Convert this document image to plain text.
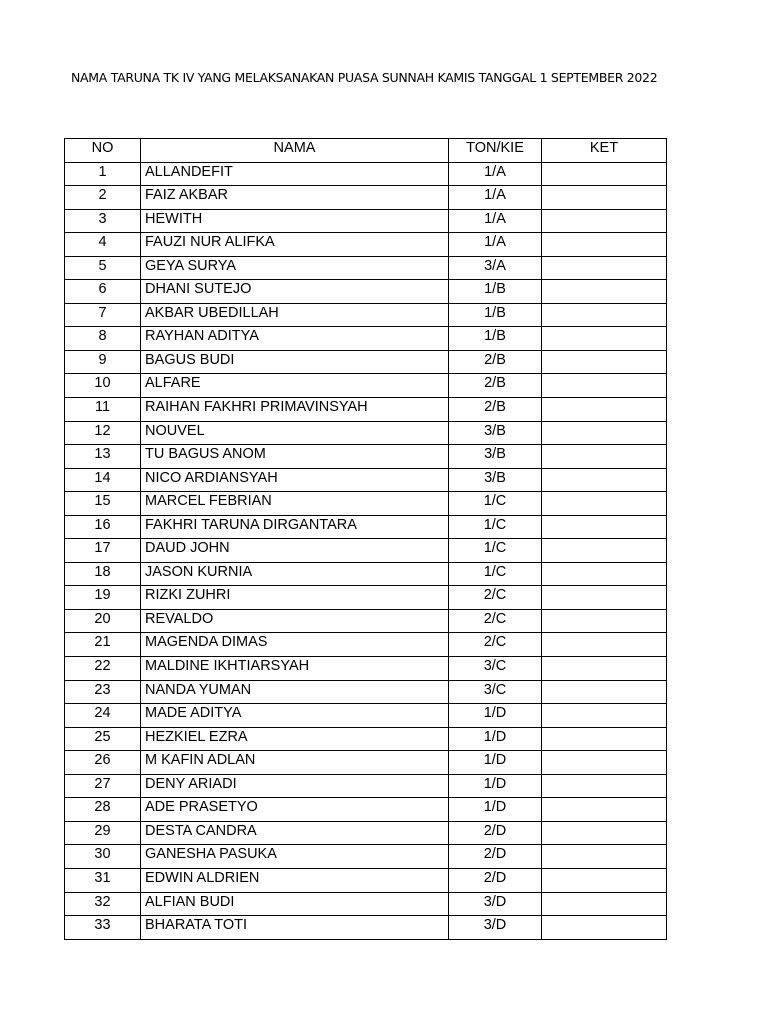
NAMA TARUNA TK IV YANG MELAKSANAKAN PUASA SUNNAH KAMIS TANGGAL 1 SEPTEMBER 2022
NO	NAMA	TON/KIE	KET
1	ALLANDEFIT	1/A	
2	FAIZ AKBAR	1/A	
3	HEWITH	1/A	
4	FAUZI NUR ALIFKA	1/A	
5	GEYA SURYA	3/A	
6	DHANI SUTEJO	1/B	
7	AKBAR UBEDILLAH	1/B	
8	RAYHAN ADITYA	1/B	
9	BAGUS BUDI	2/B	
10	ALFARE	2/B	
11	RAIHAN FAKHRI PRIMAVINSYAH	2/B	
12	NOUVEL	3/B	
13	TU BAGUS ANOM	3/B	
14	NICO ARDIANSYAH	3/B	
15	MARCEL FEBRIAN	1/C	
16	FAKHRI TARUNA DIRGANTARA	1/C	
17	DAUD JOHN	1/C	
18	JASON KURNIA	1/C	
19	RIZKI ZUHRI	2/C	
20	REVALDO	2/C	
21	MAGENDA DIMAS	2/C	
22	MALDINE IKHTIARSYAH	3/C	
23	NANDA YUMAN	3/C	
24	MADE ADITYA	1/D	
25	HEZKIEL EZRA	1/D	
26	M KAFIN ADLAN	1/D	
27	DENY ARIADI	1/D	
28	ADE PRASETYO	1/D	
29	DESTA CANDRA	2/D	
30	GANESHA PASUKA	2/D	
31	EDWIN ALDRIEN	2/D	
32	ALFIAN BUDI	3/D	
33	BHARATA TOTI	3/D	
